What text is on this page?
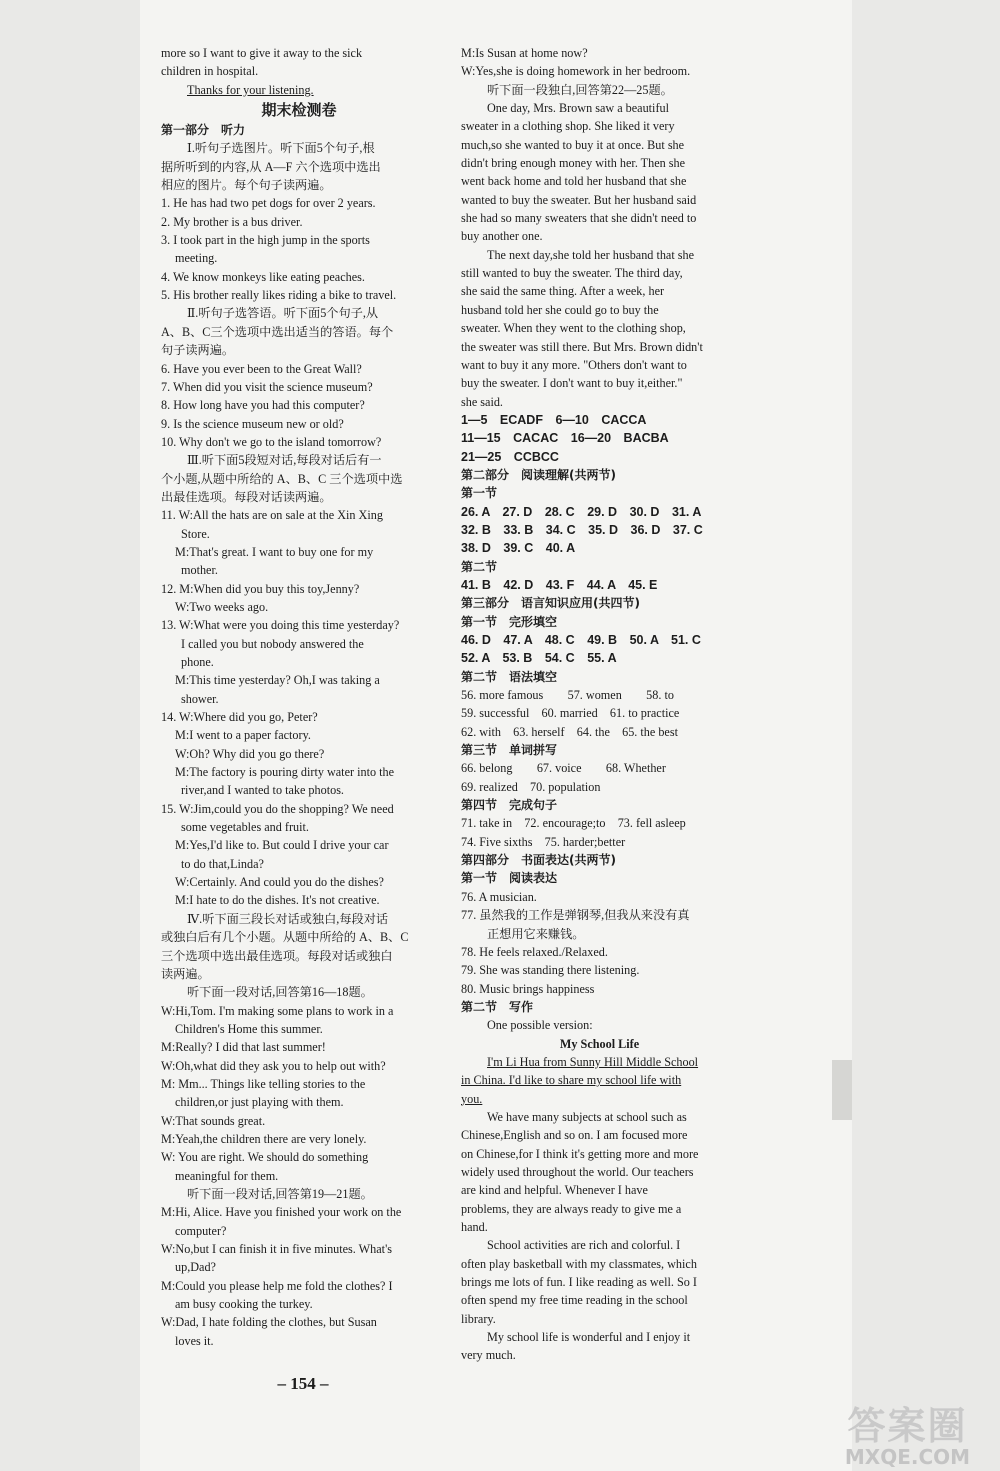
more so I want to give it away to the sick
children in hospital.
Thanks for your listening.
期末检测卷
第一部分　听力
Ⅰ.听句子选图片。听下面5个句子,根
据所听到的内容,从 A—F 六个选项中选出
相应的图片。每个句子读两遍。
1. He has had two pet dogs for over 2 years.
2. My brother is a bus driver.
3. I took part in the high jump in the sports
meeting.
4. We know monkeys like eating peaches.
5. His brother really likes riding a bike to travel.
Ⅱ.听句子选答语。听下面5个句子,从
A、B、C三个选项中选出适当的答语。每个
句子读两遍。
6. Have you ever been to the Great Wall?
7. When did you visit the science museum?
8. How long have you had this computer?
9. Is the science museum new or old?
10. Why don't we go to the island tomorrow?
Ⅲ.听下面5段短对话,每段对话后有一
个小题,从题中所给的 A、B、C 三个选项中选
出最佳选项。每段对话读两遍。
11. W:All the hats are on sale at the Xin Xing
Store.
M:That's great. I want to buy one for my
mother.
12. M:When did you buy this toy,Jenny?
W:Two weeks ago.
13. W:What were you doing this time yesterday?
I called you but nobody answered the
phone.
M:This time yesterday? Oh,I was taking a
shower.
14. W:Where did you go, Peter?
M:I went to a paper factory.
W:Oh? Why did you go there?
M:The factory is pouring dirty water into the
river,and I wanted to take photos.
15. W:Jim,could you do the shopping? We need
some vegetables and fruit.
M:Yes,I'd like to. But could I drive your car
to do that,Linda?
W:Certainly. And could you do the dishes?
M:I hate to do the dishes. It's not creative.
Ⅳ.听下面三段长对话或独白,每段对话
或独白后有几个小题。从题中所给的 A、B、C
三个选项中选出最佳选项。每段对话或独白
读两遍。
听下面一段对话,回答第16—18题。
W:Hi,Tom. I'm making some plans to work in a
Children's Home this summer.
M:Really? I did that last summer!
W:Oh,what did they ask you to help out with?
M: Mm... Things like telling stories to the
children,or just playing with them.
W:That sounds great.
M:Yeah,the children there are very lonely.
W: You are right. We should do something
meaningful for them.
听下面一段对话,回答第19—21题。
M:Hi, Alice. Have you finished your work on the
computer?
W:No,but I can finish it in five minutes. What's
up,Dad?
M:Could you please help me fold the clothes? I
am busy cooking the turkey.
W:Dad, I hate folding the clothes, but Susan
loves it.
M:Is Susan at home now?
W:Yes,she is doing homework in her bedroom.
听下面一段独白,回答第22—25题。
One day, Mrs. Brown saw a beautiful
sweater in a clothing shop. She liked it very
much,so she wanted to buy it at once. But she
didn't bring enough money with her. Then she
went back home and told her husband that she
wanted to buy the sweater. But her husband said
she had so many sweaters that she didn't need to
buy another one.
The next day,she told her husband that she
still wanted to buy the sweater. The third day,
she said the same thing. After a week, her
husband told her she could go to buy the
sweater. When they went to the clothing shop,
the sweater was still there. But Mrs. Brown didn't
want to buy it any more. "Others don't want to
buy the sweater. I don't want to buy it,either."
she said.
1—5　ECADF　6—10　CACCA
11—15　CACAC　16—20　BACBA
21—25　CCBCC
第二部分　阅读理解(共两节)
第一节
26. A　27. D　28. C　29. D　30. D　31. A
32. B　33. B　34. C　35. D　36. D　37. C
38. D　39. C　40. A
第二节
41. B　42. D　43. F　44. A　45. E
第三部分　语言知识应用(共四节)
第一节　完形填空
46. D　47. A　48. C　49. B　50. A　51. C
52. A　53. B　54. C　55. A
第二节　语法填空
56. more famous　　57. women　　58. to
59. successful　60. married　61. to practice
62. with　63. herself　64. the　65. the best
第三节　单词拼写
66. belong　　67. voice　　68. Whether
69. realized　70. population
第四节　完成句子
71. take in　72. encourage;to　73. fell asleep
74. Five sixths　75. harder;better
第四部分　书面表达(共两节)
第一节　阅读表达
76. A musician.
77. 虽然我的工作是弹钢琴,但我从来没有真
正想用它来赚钱。
78. He feels relaxed./Relaxed.
79. She was standing there listening.
80. Music brings happiness
第二节　写作
One possible version:
My School Life
I'm Li Hua from Sunny Hill Middle School
in China. I'd like to share my school life with
you.
We have many subjects at school such as
Chinese,English and so on. I am focused more
on Chinese,for I think it's getting more and more
widely used throughout the world. Our teachers
are kind and helpful. Whenever I have
problems, they are always ready to give me a
hand.
School activities are rich and colorful. I
often play basketball with my classmates, which
brings me lots of fun. I like reading as well. So I
often spend my free time reading in the school
library.
My school life is wonderful and I enjoy it
very much.
– 154 –
答案圈
MXQE.COM
